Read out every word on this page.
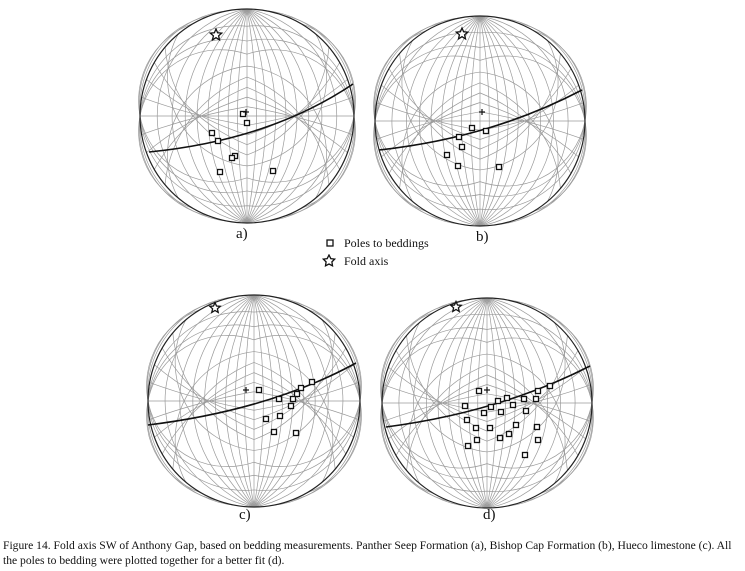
a)	b)
c)	d)
Poles to beddings
Fold axis
Figure 14. Fold axis SW of Anthony Gap, based on bedding measurements. Panther Seep Formation (a), Bishop Cap Formation (b), Hueco limestone (c). All the poles to bedding were plotted together for a better fit (d).
